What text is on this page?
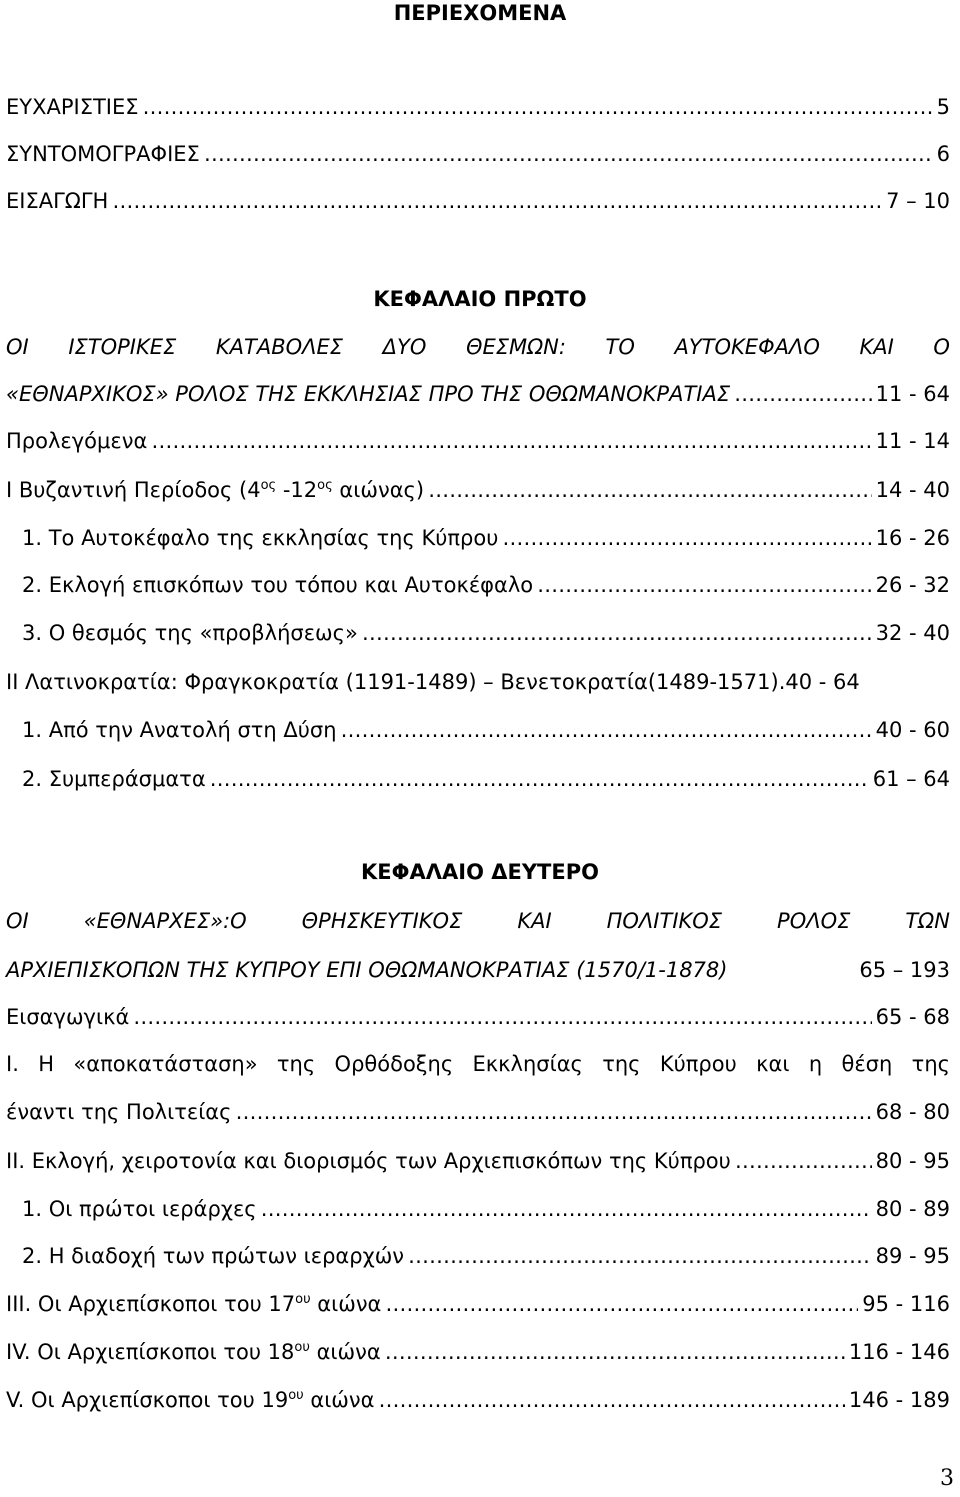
ΠΕΡΙΕΧΟΜΕΝΑ
ΕΥΧΑΡΙΣΤΙΕΣ ………………………………………………………………………………………………………………………………………………………	5
ΣΥΝΤΟΜΟΓΡΑΦΙΕΣ ………………………………………………………………………………………………………………………………………………………	6
ΕΙΣΑΓΩΓΗ ………………………………………………………………………………………………………………………………………………………	7 – 10
ΚΕΦΑΛΑΙΟ ΠΡΩΤΟ
ΟΙ ΙΣΤΟΡΙΚΕΣ ΚΑΤΑΒΟΛΕΣ ΔΥΟ ΘΕΣΜΩΝ: ΤΟ ΑΥΤΟΚΕΦΑΛΟ ΚΑΙ Ο
«ΕΘΝΑΡΧΙΚΟΣ» ΡΟΛΟΣ ΤΗΣ ΕΚΚΛΗΣΙΑΣ ΠΡΟ ΤΗΣ ΟΘΩΜΑΝΟΚΡΑΤΙΑΣ ………………………………………………………………………………………………………………………………………………………	11 - 64
Προλεγόμενα ………………………………………………………………………………………………………………………………………………………	11 - 14
Ι Βυζαντινή Περίοδος ($4^{o\varsigma}$ $-12^{o\varsigma}$ αιώνας) ………………………………………………………………………………………………………………………………………………………	14 - 40
1. Το Αυτοκέφαλο της εκκλησίας της Κύπρου ………………………………………………………………………………………………………………………………………………………	16 - 26
2. Εκλογή επισκόπων του τόπου και Αυτοκέφαλο ………………………………………………………………………………………………………………………………………………………	26 - 32
3. Ο θεσμός της «προβλήσεως» ………………………………………………………………………………………………………………………………………………………	32 - 40
ΙΙ Λατινοκρατία: Φραγκοκρατία (1191-1489) – Βενετοκρατία(1489-1571) .40 - 64
1. Από την Ανατολή στη Δύση ………………………………………………………………………………………………………………………………………………………	40 - 60
2. Συμπεράσματα ………………………………………………………………………………………………………………………………………………………	61 – 64
ΚΕΦΑΛΑΙΟ ΔΕΥΤΕΡΟ
ΟΙ	«ΕΘΝΑΡΧΕΣ»:Ο	ΘΡΗΣΚΕΥΤΙΚΟΣ	ΚΑΙ	ΠΟΛΙΤΙΚΟΣ	ΡΟΛΟΣ	ΤΩΝ
ΑΡΧΙΕΠΙΣΚΟΠΩΝ ΤΗΣ ΚΥΠΡΟΥ ΕΠΙ ΟΘΩΜΑΝΟΚΡΑΤΙΑΣ (1570/1-1878)	65 – 193
Εισαγωγικά ………………………………………………………………………………………………………………………………………………………	65 - 68
Ι. Η «αποκατάσταση» της Ορθόδοξης Εκκλησίας της Κύπρου και η θέση της
έναντι της Πολιτείας ………………………………………………………………………………………………………………………………………………………	68 - 80
ΙΙ. Εκλογή, χειροτονία και διορισμός των Αρχιεπισκόπων της Κύπρου ………………………………………………………………………………………………………………………………………………………	80 - 95
1. Οι πρώτοι ιεράρχες ………………………………………………………………………………………………………………………………………………………	80 - 89
2. Η διαδοχή των πρώτων ιεραρχών ………………………………………………………………………………………………………………………………………………………	89 - 95
ΙΙΙ. Οι Αρχιεπίσκοποι του $17^{o\upsilon}$ αιώνα ………………………………………………………………………………………………………………………………………………………	95 - 116
IV. Οι Αρχιεπίσκοποι του $18^{o\upsilon}$ αιώνα ………………………………………………………………………………………………………………………………………………………	116 - 146
V. Οι Αρχιεπίσκοποι του $19^{o\upsilon}$ αιώνα ………………………………………………………………………………………………………………………………………………………	146 - 189
3
